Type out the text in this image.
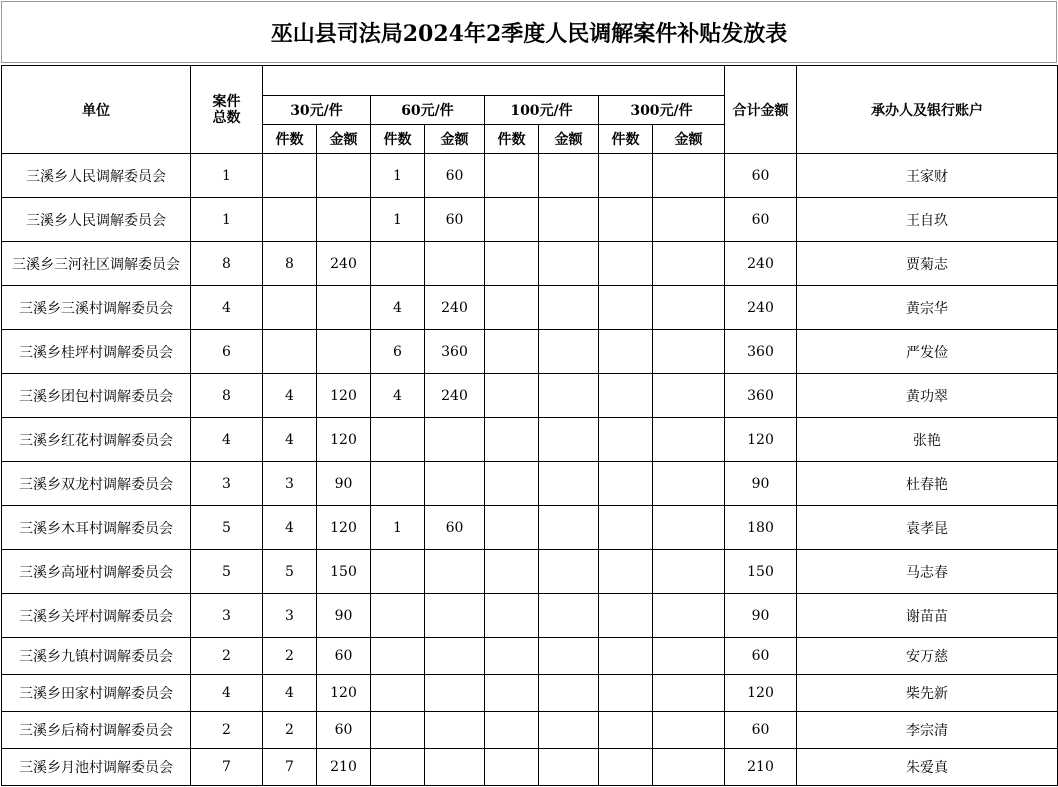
巫山县司法局2024年2季度人民调解案件补贴发放表
单位	案件
总数									合计金额	承办人及银行账户
		30元/件		60元/件		100元/件		300元/件			
		件数	金额	件数	金额	件数	金额	件数	金额		
三溪乡人民调解委员会	1			1	60					60	王家财
三溪乡人民调解委员会	1			1	60					60	王自玖
三溪乡三河社区调解委员会	8	8	240							240	贾菊志
三溪乡三溪村调解委员会	4			4	240					240	黄宗华
三溪乡桂坪村调解委员会	6			6	360					360	严发俭
三溪乡团包村调解委员会	8	4	120	4	240					360	黄功翠
三溪乡红花村调解委员会	4	4	120							120	张艳
三溪乡双龙村调解委员会	3	3	90							90	杜春艳
三溪乡木耳村调解委员会	5	4	120	1	60					180	袁孝昆
三溪乡高垭村调解委员会	5	5	150							150	马志春
三溪乡关坪村调解委员会	3	3	90							90	谢苗苗
三溪乡九镇村调解委员会	2	2	60							60	安万慈
三溪乡田家村调解委员会	4	4	120							120	柴先新
三溪乡后椅村调解委员会	2	2	60							60	李宗清
三溪乡月池村调解委员会	7	7	210							210	朱爱真
